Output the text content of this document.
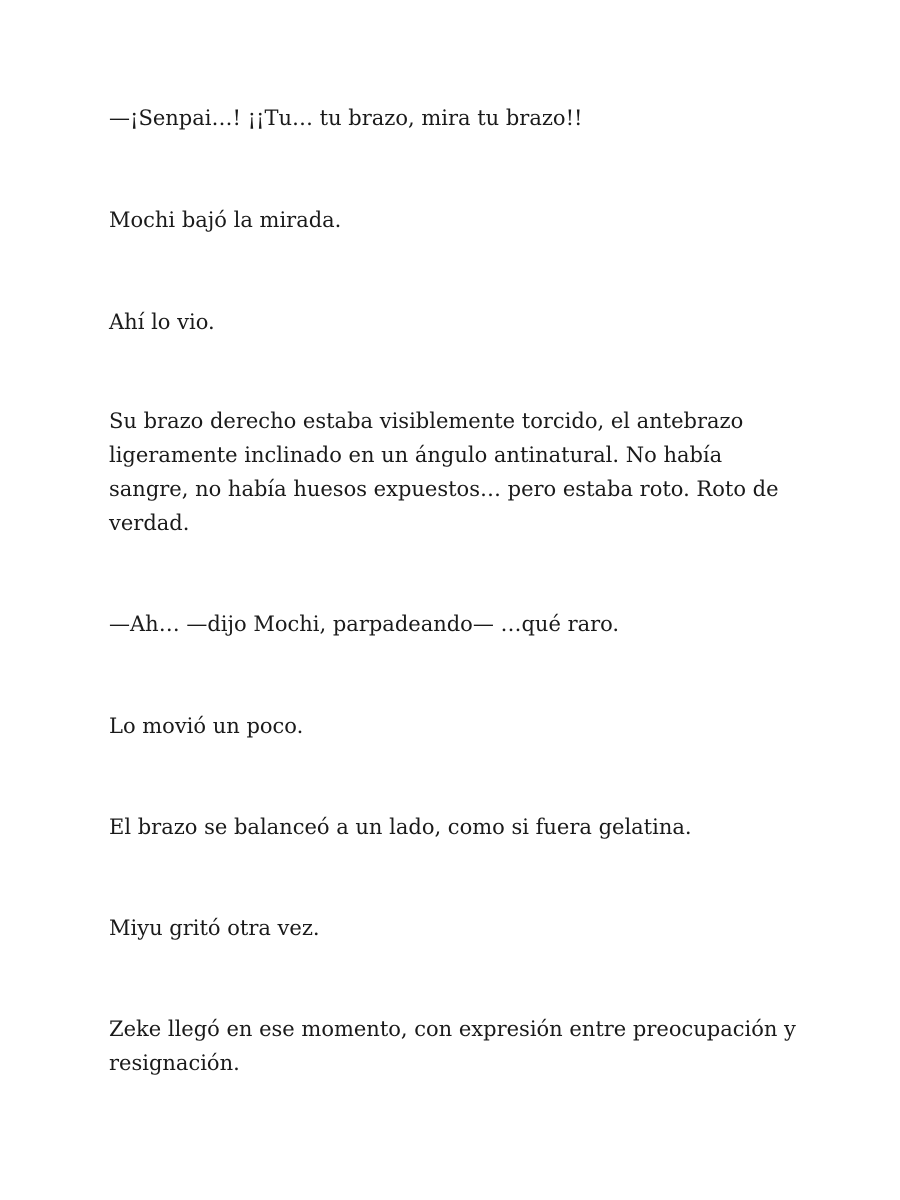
—¡Senpai…! ¡¡Tu… tu brazo, mira tu brazo!!

Mochi bajó la mirada.

Ahí lo vio.

Su brazo derecho estaba visiblemente torcido, el antebrazo ligeramente inclinado en un ángulo antinatural. No había sangre, no había huesos expuestos… pero estaba roto. Roto de verdad.

—Ah… —dijo Mochi, parpadeando— …qué raro.

Lo movió un poco.

El brazo se balanceó a un lado, como si fuera gelatina.

Miyu gritó otra vez.

Zeke llegó en ese momento, con expresión entre preocupación y resignación.
